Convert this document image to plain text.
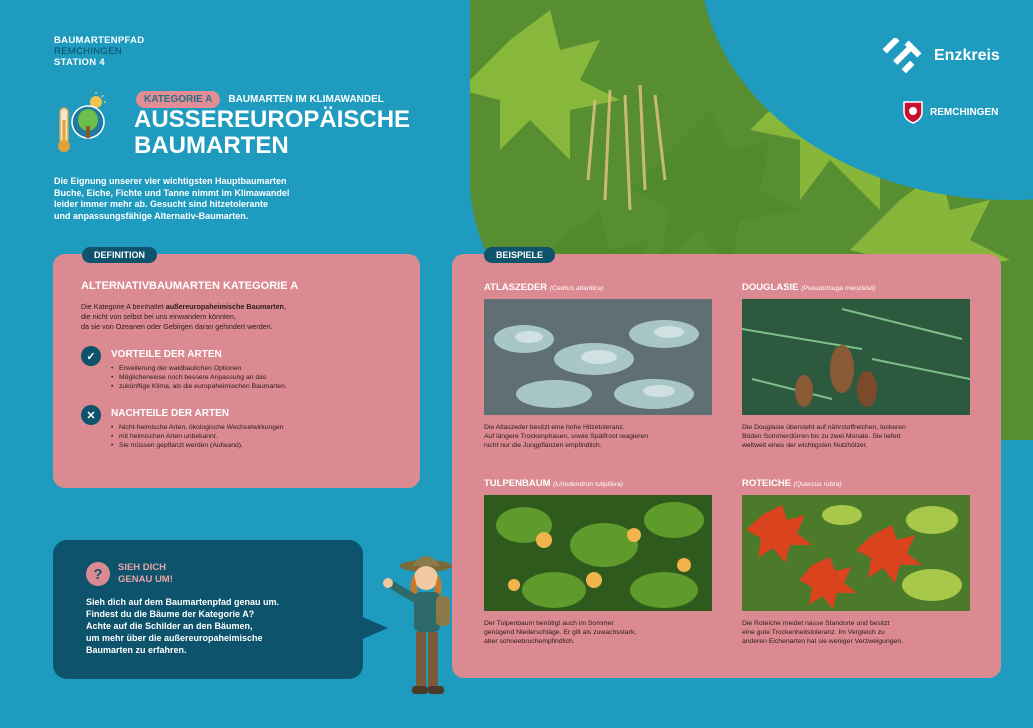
BAUMARTENPFAD
REMCHINGEN
STATION 4	Enzkreis
REMCHINGEN
KATEGORIE A	BAUMARTEN IM KLIMAWANDEL
AUSSEREUROPÄISCHE
BAUMARTEN
Die Eignung unserer vier wichtigsten Hauptbaumarten
Buche, Eiche, Fichte und Tanne nimmt im Klimawandel
leider immer mehr ab. Gesucht sind hitzetolerante
und anpassungsfähige Alternativ-Baumarten.
ALTERNATIVBAUMARTEN KATEGORIE A
Die Kategorie A beinhaltet außereuropaheimische Baumarten,
die nicht von selbst bei uns einwandern könnten,
da sie von Ozeanen oder Gebirgen daran gehindert werden.
✓	VORTEILE DER ARTEN
• Erweiterung der waldbaulichen Optionen
• Möglicherweise noch bessere Anpassung an das
• zukünftige Klima, als die europaheimischen Baumarten.
✕	NACHTEILE DER ARTEN
• Nicht-heimische Arten, ökologische Wechselwirkungen
• mit heimischen Arten unbekannt.
• Sie müssen gepflanzt werden (Aufwand).
DEFINITION
ATLASZEDER (Cedrus atlantica)
Die Atlaszeder besitzt eine hohe Hitzetoleranz.
Auf längere Trockenphasen, sowie Spätfrost reagieren
nicht nur die Jungpflanzen empfindlich.
DOUGLASIE (Pseudotsuga menziesii)
Die Douglasie übersteht auf nährstoffreichen, lockeren
Böden Sommerdürren bis zu zwei Monate. Sie liefert
weltweit eines der wichtigsten Nutzhölzer.
TULPENBAUM (Liriodendron tulipifera)
Der Tulpenbaum benötigt auch im Sommer
genügend Niederschläge. Er gilt als zuwachsstark,
aber schneebruchempfindlich.
ROTEICHE (Quercus rubra)
Die Roteiche meidet nasse Standorte und besitzt
eine gute Trockenheitstoleranz. Im Vergleich zu
anderen Eichenarten hat sie weniger Verzweigungen.
BEISPIELE
?	SIEH DICH
GENAU UM!
Sieh dich auf dem Baumartenpfad genau um.
Findest du die Bäume der Kategorie A?
Achte auf die Schilder an den Bäumen,
um mehr über die außereuropaheimische
Baumarten zu erfahren.
